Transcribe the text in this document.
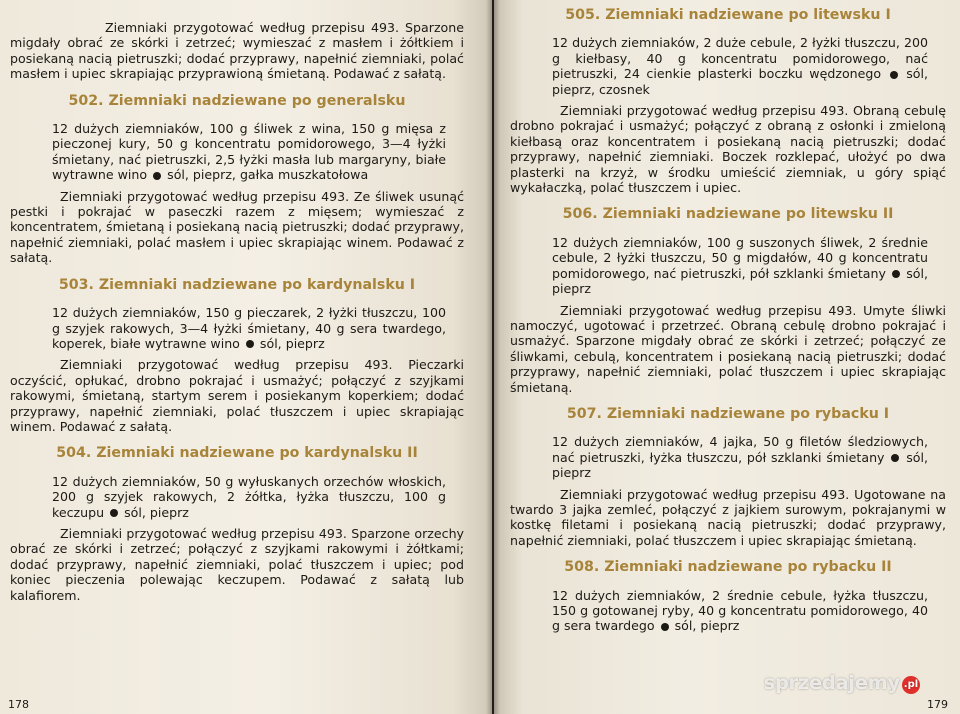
Ziemniaki przygotować według przepisu 493. Sparzone migdały obrać ze skórki i zetrzeć; wymieszać z masłem i żółtkiem i posiekaną nacią pietruszki; dodać przyprawy, napełnić ziemniaki, polać masłem i upiec skrapiając przyprawioną śmietaną. Podawać z sałatą.

502. Ziemniaki nadziewane po generalsku

12 dużych ziemniaków, 100 g śliwek z wina, 150 g mięsa z pieczonej kury, 50 g koncentratu pomidorowego, 3—4 łyżki śmietany, nać pietruszki, 2,5 łyżki masła lub margaryny, białe wytrawne wino sól, pieprz, gałka muszkatołowa

Ziemniaki przygotować według przepisu 493. Ze śliwek usunąć pestki i pokrajać w paseczki razem z mięsem; wymieszać z koncentratem, śmietaną i posiekaną nacią pietruszki; dodać przyprawy, napełnić ziemniaki, polać masłem i upiec skrapiając winem. Podawać z sałatą.

503. Ziemniaki nadziewane po kardynalsku I

12 dużych ziemniaków, 150 g pieczarek, 2 łyżki tłuszczu, 100 g szyjek rakowych, 3—4 łyżki śmietany, 40 g sera twardego, koperek, białe wytrawne wino sól, pieprz

Ziemniaki przygotować według przepisu 493. Pieczarki oczyścić, opłukać, drobno pokrajać i usmażyć; połączyć z szyjkami rakowymi, śmietaną, startym serem i posiekanym koperkiem; dodać przyprawy, napełnić ziemniaki, polać tłuszczem i upiec skrapiając winem. Podawać z sałatą.

504. Ziemniaki nadziewane po kardynalsku II

12 dużych ziemniaków, 50 g wyłuskanych orzechów włoskich, 200 g szyjek rakowych, 2 żółtka, łyżka tłuszczu, 100 g keczupu sól, pieprz

Ziemniaki przygotować według przepisu 493. Sparzone orzechy obrać ze skórki i zetrzeć; połączyć z szyjkami rakowymi i żółtkami; dodać przyprawy, napełnić ziemniaki, polać tłuszczem i upiec; pod koniec pieczenia polewając keczupem. Podawać z sałatą lub kalafiorem.

178
505. Ziemniaki nadziewane po litewsku I

12 dużych ziemniaków, 2 duże cebule, 2 łyżki tłuszczu, 200 g kiełbasy, 40 g koncentratu pomidorowego, nać pietruszki, 24 cienkie plasterki boczku wędzonego sól, pieprz, czosnek

Ziemniaki przygotować według przepisu 493. Obraną cebulę drobno pokrajać i usmażyć; połączyć z obraną z osłonki i zmieloną kiełbasą oraz koncentratem i posiekaną nacią pietruszki; dodać przyprawy, napełnić ziemniaki. Boczek rozklepać, ułożyć po dwa plasterki na krzyż, w środku umieścić ziemniak, u góry spiąć wykałaczką, polać tłuszczem i upiec.

506. Ziemniaki nadziewane po litewsku II

12 dużych ziemniaków, 100 g suszonych śliwek, 2 średnie cebule, 2 łyżki tłuszczu, 50 g migdałów, 40 g koncentratu pomidorowego, nać pietruszki, pół szklanki śmietany sól, pieprz

Ziemniaki przygotować według przepisu 493. Umyte śliwki namoczyć, ugotować i przetrzeć. Obraną cebulę drobno pokrajać i usmażyć. Sparzone migdały obrać ze skórki i zetrzeć; połączyć ze śliwkami, cebulą, koncentratem i posiekaną nacią pietruszki; dodać przyprawy, napełnić ziemniaki, polać tłuszczem i upiec skrapiając śmietaną.

507. Ziemniaki nadziewane po rybacku I

12 dużych ziemniaków, 4 jajka, 50 g filetów śledziowych, nać pietruszki, łyżka tłuszczu, pół szklanki śmietany sól, pieprz

Ziemniaki przygotować według przepisu 493. Ugotowane na twardo 3 jajka zemleć, połączyć z jajkiem surowym, pokrajanymi w kostkę filetami i posiekaną nacią pietruszki; dodać przyprawy, napełnić ziemniaki, polać tłuszczem i upiec skrapiając śmietaną.

508. Ziemniaki nadziewane po rybacku II

12 dużych ziemniaków, 2 średnie cebule, łyżka tłuszczu, 150 g gotowanej ryby, 40 g koncentratu pomidorowego, 40 g sera twardego sól, pieprz

179
sprzedajemy .pl
